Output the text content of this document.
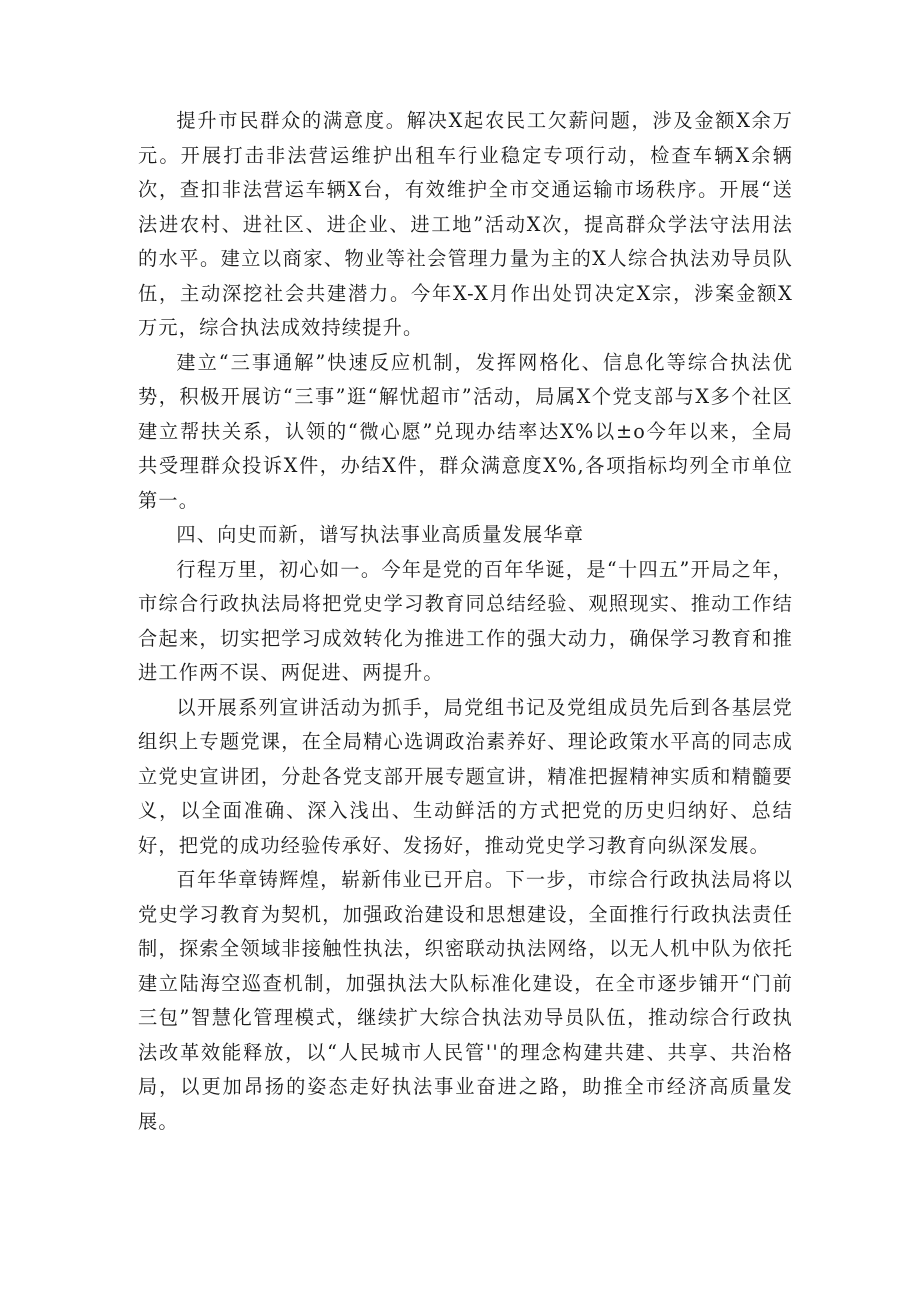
提升市民群众的满意度。解决X起农民工欠薪问题，涉及金额X余万元。开展打击非法营运维护出租车行业稳定专项行动，检查车辆X余辆次，查扣非法营运车辆X台，有效维护全市交通运输市场秩序。开展“送法进农村、进社区、进企业、进工地”活动X次，提高群众学法守法用法的水平。建立以商家、物业等社会管理力量为主的X人综合执法劝导员队伍，主动深挖社会共建潜力。今年X-X月作出处罚决定X宗，涉案金额X万元，综合执法成效持续提升。

建立“三事通解”快速反应机制，发挥网格化、信息化等综合执法优势，积极开展访“三事”逛“解忧超市”活动，局属X个党支部与X多个社区建立帮扶关系，认领的“微心愿”兑现办结率达X%以±o今年以来，全局共受理群众投诉X件，办结X件，群众满意度X%,各项指标均列全市单位第一。

四、向史而新，谱写执法事业高质量发展华章

行程万里，初心如一。今年是党的百年华诞，是“十四五”开局之年，市综合行政执法局将把党史学习教育同总结经验、观照现实、推动工作结合起来，切实把学习成效转化为推进工作的强大动力，确保学习教育和推进工作两不误、两促进、两提升。

以开展系列宣讲活动为抓手，局党组书记及党组成员先后到各基层党组织上专题党课，在全局精心选调政治素养好、理论政策水平高的同志成立党史宣讲团，分赴各党支部开展专题宣讲，精准把握精神实质和精髓要义，以全面准确、深入浅出、生动鲜活的方式把党的历史归纳好、总结好，把党的成功经验传承好、发扬好，推动党史学习教育向纵深发展。

百年华章铸辉煌，崭新伟业已开启。下一步，市综合行政执法局将以党史学习教育为契机，加强政治建设和思想建设，全面推行行政执法责任制，探索全领域非接触性执法，织密联动执法网络，以无人机中队为依托建立陆海空巡查机制，加强执法大队标准化建设，在全市逐步铺开“门前三包”智慧化管理模式，继续扩大综合执法劝导员队伍，推动综合行政执法改革效能释放，以“人民城市人民管''的理念构建共建、共享、共治格局，以更加昂扬的姿态走好执法事业奋进之路，助推全市经济高质量发展。
